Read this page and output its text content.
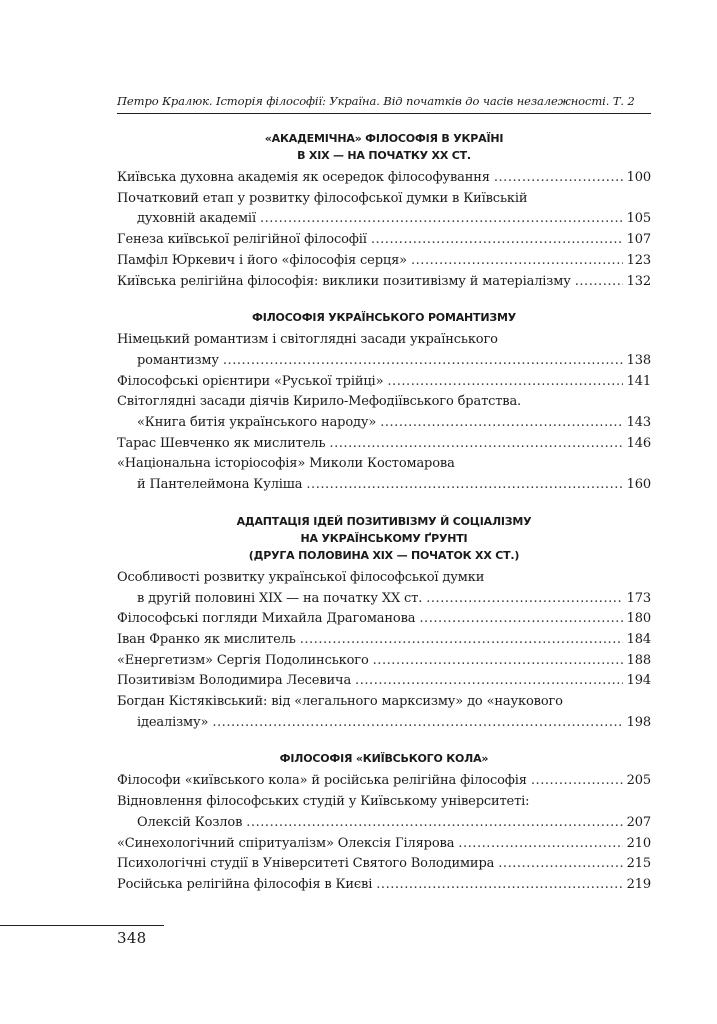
Петро Кралюк. Історія філософії: Україна. Від початків до часів незалежності. Т. 2
«АКАДЕМІЧНА» ФІЛОСОФІЯ В УКРАЇНІ
В XIX — НА ПОЧАТКУ XX СТ.
Київська духовна академія як осередок філософування . . .	100
Початковий етап у розвитку філософської думки в Київській
духовній академії . . .	105
Генеза київської релігійної філософії . . .	107
Памфіл Юркевич і його «філософія серця» . . .	123
Київська релігійна філософія: виклики позитивізму й матеріалізму . . .	132
ФІЛОСОФІЯ УКРАЇНСЬКОГО РОМАНТИЗМУ
Німецький романтизм і світоглядні засади українського
романтизму . . .	138
Філософські орієнтири «Руської трійці» . . .	141
Світоглядні засади діячів Кирило-Мефодіївського братства.
«Книга битія українського народу» . . .	143
Тарас Шевченко як мислитель . . .	146
«Національна історіософія» Миколи Костомарова
й Пантелеймона Куліша . . .	160
АДАПТАЦІЯ ІДЕЙ ПОЗИТИВІЗМУ Й СОЦІАЛІЗМУ
НА УКРАЇНСЬКОМУ ҐРУНТІ
(ДРУГА ПОЛОВИНА XIX — ПОЧАТОК XX СТ.)
Особливості розвитку української філософської думки
в другій половині XIX — на початку XX ст. . . .	173
Філософські погляди Михайла Драгоманова . . .	180
Іван Франко як мислитель . . .	184
«Енергетизм» Сергія Подолинського . . .	188
Позитивізм Володимира Лесевича . . .	194
Богдан Кістяківський: від «легального марксизму» до «наукового
ідеалізму» . . .	198
ФІЛОСОФІЯ «КИЇВСЬКОГО КОЛА»
Філософи «київського кола» й російська релігійна філософія . . .	205
Відновлення філософських студій у Київському університеті:
Олексій Козлов . . .	207
«Синехологічний спіритуалізм» Олексія Гілярова . . .	210
Психологічні студії в Університеті Святого Володимира . . .	215
Російська релігійна філософія в Києві . . .	219
348
